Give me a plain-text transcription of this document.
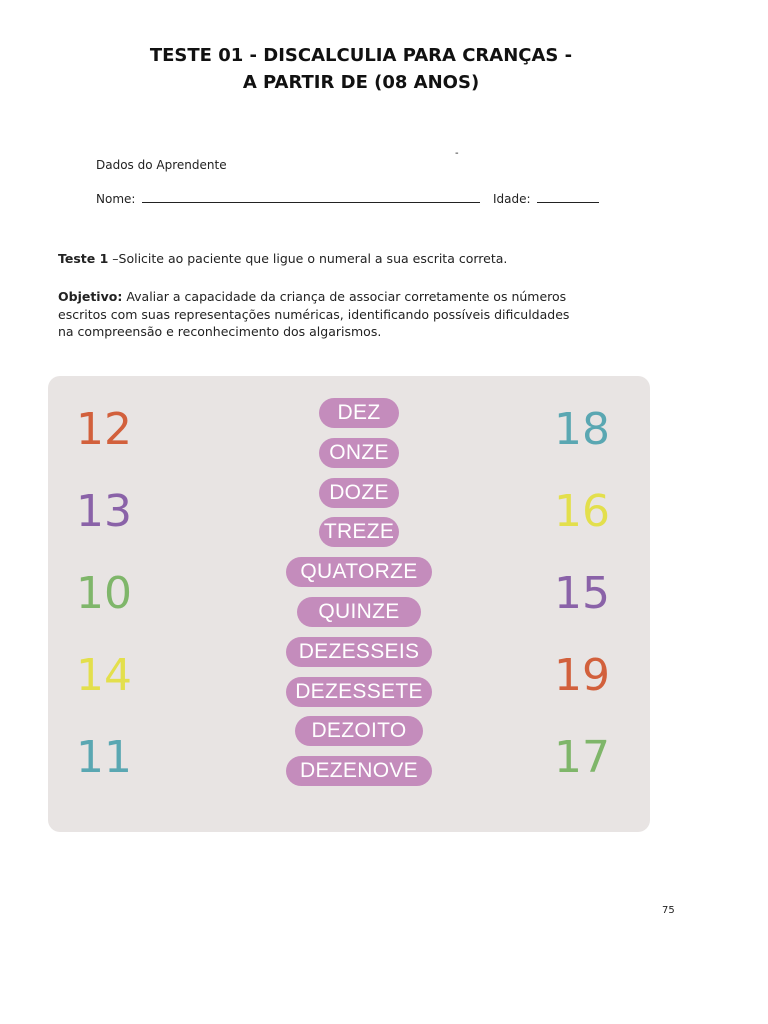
TESTE 01 - DISCALCULIA PARA CRANÇAS -
A PARTIR DE (08 ANOS)
-
Dados do Aprendente
Nome:	Idade:
Teste 1 –Solicite ao paciente que ligue o numeral a sua escrita correta.
Objetivo: Avaliar a capacidade da criança de associar corretamente os números escritos com suas representações numéricas, identificando possíveis dificuldades na compreensão e reconhecimento dos algarismos.
12
13
10
14
11
18
16
15
19
17
DEZ
ONZE
DOZE
TREZE
QUATORZE
QUINZE
DEZESSEIS
DEZESSETE
DEZOITO
DEZENOVE
75
